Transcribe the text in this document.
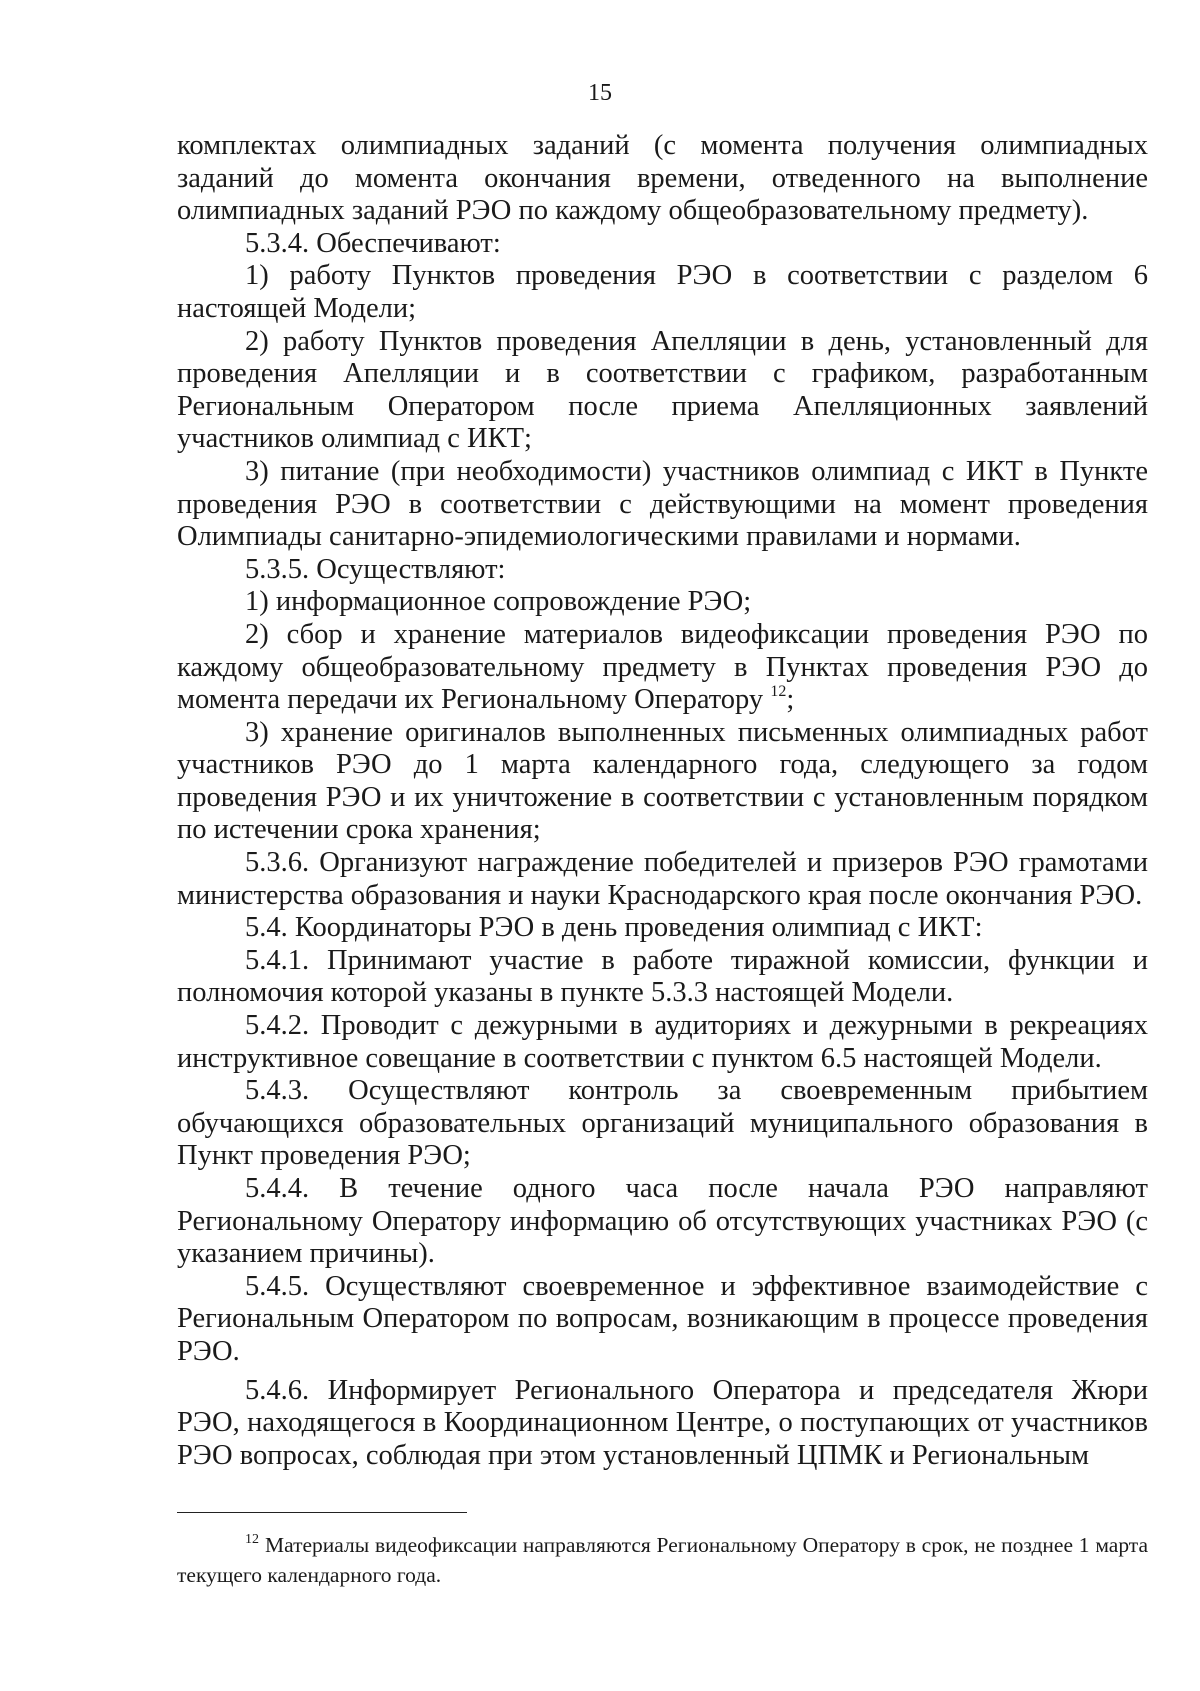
15

комплектах олимпиадных заданий (с момента получения олимпиадных заданий до момента окончания времени, отведенного на выполнение олимпиадных заданий РЭО по каждому общеобразовательному предмету).

5.3.4. Обеспечивают:

1) работу Пунктов проведения РЭО в соответствии с разделом 6 настоящей Модели;

2) работу Пунктов проведения Апелляции в день, установленный для проведения Апелляции и в соответствии с графиком, разработанным Региональным Оператором после приема Апелляционных заявлений участников олимпиад с ИКТ;

3) питание (при необходимости) участников олимпиад с ИКТ в Пункте проведения РЭО в соответствии с действующими на момент проведения Олимпиады санитарно-эпидемиологическими правилами и нормами.

5.3.5. Осуществляют:

1) информационное сопровождение РЭО;

2) сбор и хранение материалов видеофиксации проведения РЭО по каждому общеобразовательному предмету в Пунктах проведения РЭО до момента передачи их Региональному Оператору $^{12}$;

3) хранение оригиналов выполненных письменных олимпиадных работ участников РЭО до 1 марта календарного года, следующего за годом проведения РЭО и их уничтожение в соответствии с установленным порядком по истечении срока хранения;

5.3.6. Организуют награждение победителей и призеров РЭО грамотами министерства образования и науки Краснодарского края после окончания РЭО.

5.4. Координаторы РЭО в день проведения олимпиад с ИКТ:

5.4.1. Принимают участие в работе тиражной комиссии, функции и полномочия которой указаны в пункте 5.3.3 настоящей Модели.

5.4.2. Проводит с дежурными в аудиториях и дежурными в рекреациях инструктивное совещание в соответствии с пунктом 6.5 настоящей Модели.

5.4.3. Осуществляют контроль за своевременным прибытием обучающихся образовательных организаций муниципального образования в Пункт проведения РЭО;

5.4.4. В течение одного часа после начала РЭО направляют Региональному Оператору информацию об отсутствующих участниках РЭО (с указанием причины).

5.4.5. Осуществляют своевременное и эффективное взаимодействие с Региональным Оператором по вопросам, возникающим в процессе проведения РЭО.

5.4.6. Информирует Регионального Оператора и председателя Жюри РЭО, находящегося в Координационном Центре, о поступающих от участников РЭО вопросах, соблюдая при этом установленный ЦПМК и Региональным

$^{12}$ Материалы видеофиксации направляются Региональному Оператору в срок, не позднее 1 марта текущего календарного года.
